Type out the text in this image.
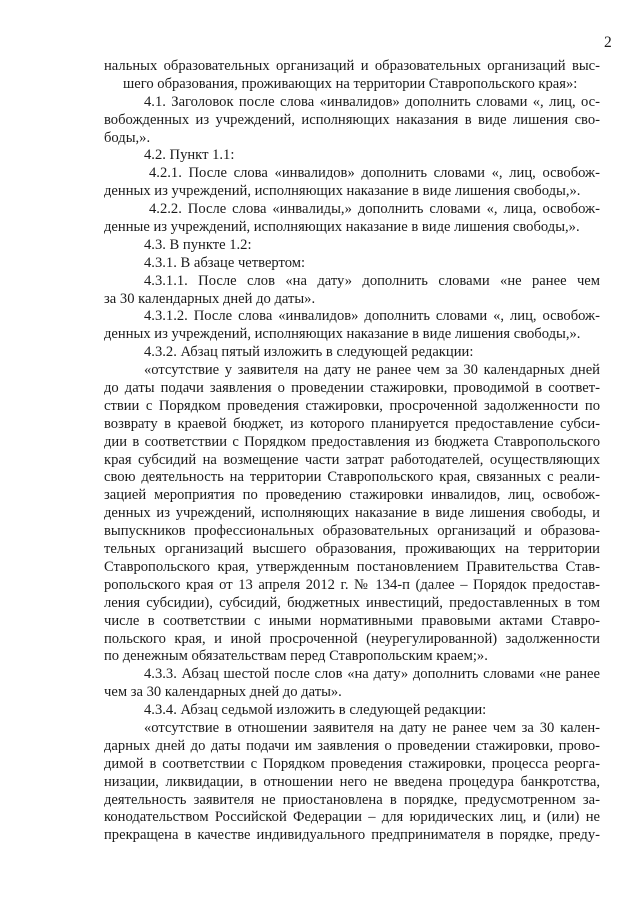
2
нальных образовательных организаций и образовательных организаций выс-
шего образования, проживающих на территории Ставропольского края»:
4.1. Заголовок после слова «инвалидов» дополнить словами «, лиц, ос-
вобожденных из учреждений, исполняющих наказания в виде лишения сво-
боды,».
4.2. Пункт 1.1:
4.2.1. После слова «инвалидов» дополнить словами «, лиц, освобож-
денных из учреждений, исполняющих наказание в виде лишения свободы,».
4.2.2. После слова «инвалиды,» дополнить словами «, лица, освобож-
денные из учреждений, исполняющих наказание в виде лишения свободы,».
4.3. В пункте 1.2:
4.3.1. В абзаце четвертом:
4.3.1.1. После слов «на дату» дополнить словами «не ранее чем
за 30 календарных дней до даты».
4.3.1.2. После слова «инвалидов» дополнить словами «, лиц, освобож-
денных из учреждений, исполняющих наказание в виде лишения свободы,».
4.3.2. Абзац пятый изложить в следующей редакции:
«отсутствие у заявителя на дату не ранее чем за 30 календарных дней
до даты подачи заявления о проведении стажировки, проводимой в соответ-
ствии с Порядком проведения стажировки, просроченной задолженности по
возврату в краевой бюджет, из которого планируется предоставление субси-
дии в соответствии с Порядком предоставления из бюджета Ставропольского
края субсидий на возмещение части затрат работодателей, осуществляющих
свою деятельность на территории Ставропольского края, связанных с реали-
зацией мероприятия по проведению стажировки инвалидов, лиц, освобож-
денных из учреждений, исполняющих наказание в виде лишения свободы, и
выпускников профессиональных образовательных организаций и образова-
тельных организаций высшего образования, проживающих на территории
Ставропольского края, утвержденным постановлением Правительства Став-
ропольского края от 13 апреля 2012 г. № 134-п (далее – Порядок предостав-
ления субсидии), субсидий, бюджетных инвестиций, предоставленных в том
числе в соответствии с иными нормативными правовыми актами Ставро-
польского края, и иной просроченной (неурегулированной) задолженности
по денежным обязательствам перед Ставропольским краем;».
4.3.3. Абзац шестой после слов «на дату» дополнить словами «не ранее
чем за 30 календарных дней до даты».
4.3.4. Абзац седьмой изложить в следующей редакции:
«отсутствие в отношении заявителя на дату не ранее чем за 30 кален-
дарных дней до даты подачи им заявления о проведении стажировки, прово-
димой в соответствии с Порядком проведения стажировки, процесса реорга-
низации, ликвидации, в отношении него не введена процедура банкротства,
деятельность заявителя не приостановлена в порядке, предусмотренном за-
конодательством Российской Федерации – для юридических лиц, и (или) не
прекращена в качестве индивидуального предпринимателя в порядке, преду-
